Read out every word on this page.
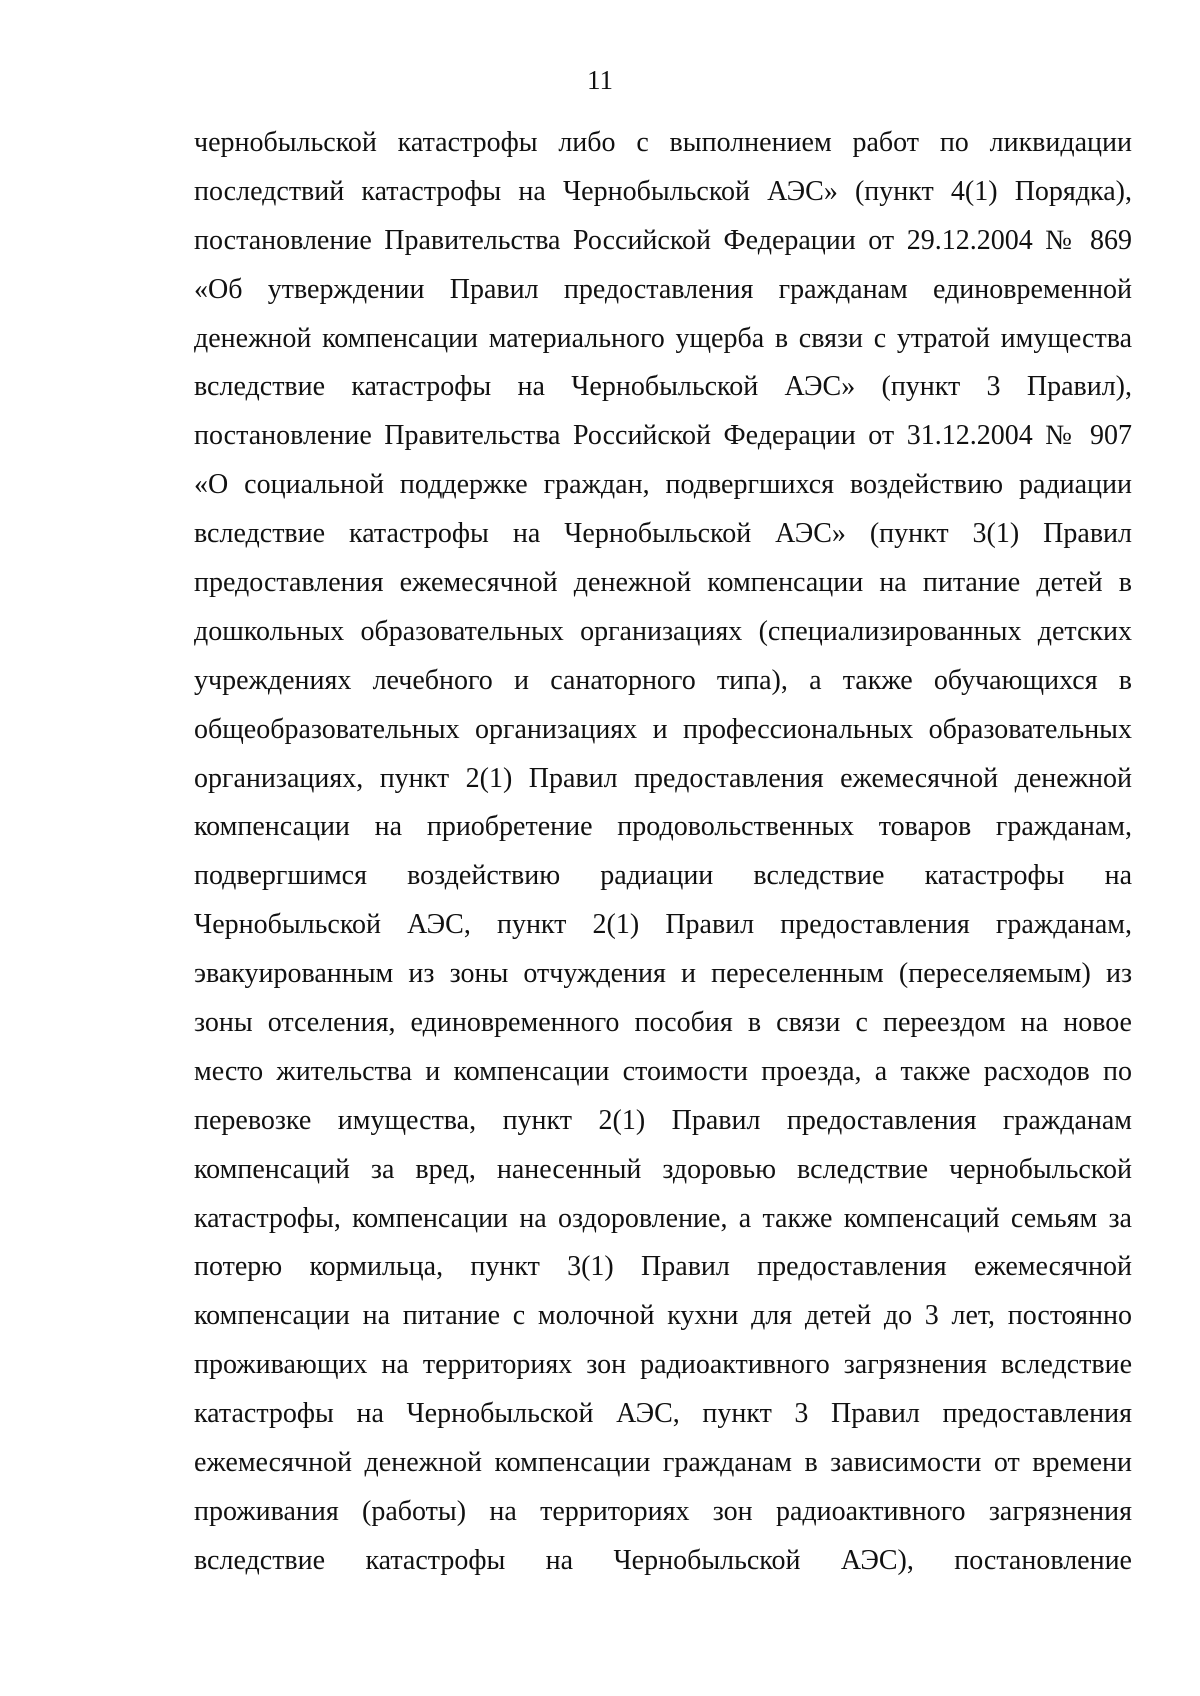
11
чернобыльской катастрофы либо с выполнением работ по ликвидации
последствий катастрофы на Чернобыльской АЭС» (пункт 4(1) Порядка),
постановление Правительства Российской Федерации от 29.12.2004 № 869
«Об утверждении Правил предоставления гражданам единовременной
денежной компенсации материального ущерба в связи с утратой имущества
вследствие катастрофы на Чернобыльской АЭС» (пункт 3 Правил),
постановление Правительства Российской Федерации от 31.12.2004 № 907
«О социальной поддержке граждан, подвергшихся воздействию радиации
вследствие катастрофы на Чернобыльской АЭС» (пункт 3(1) Правил
предоставления ежемесячной денежной компенсации на питание детей в
дошкольных образовательных организациях (специализированных детских
учреждениях лечебного и санаторного типа), а также обучающихся в
общеобразовательных организациях и профессиональных образовательных
организациях, пункт 2(1) Правил предоставления ежемесячной денежной
компенсации на приобретение продовольственных товаров гражданам,
подвергшимся воздействию радиации вследствие катастрофы на
Чернобыльской АЭС, пункт 2(1) Правил предоставления гражданам,
эвакуированным из зоны отчуждения и переселенным (переселяемым) из
зоны отселения, единовременного пособия в связи с переездом на новое
место жительства и компенсации стоимости проезда, а также расходов по
перевозке имущества, пункт 2(1) Правил предоставления гражданам
компенсаций за вред, нанесенный здоровью вследствие чернобыльской
катастрофы, компенсации на оздоровление, а также компенсаций семьям за
потерю кормильца, пункт 3(1) Правил предоставления ежемесячной
компенсации на питание с молочной кухни для детей до 3 лет, постоянно
проживающих на территориях зон радиоактивного загрязнения вследствие
катастрофы на Чернобыльской АЭС, пункт 3 Правил предоставления
ежемесячной денежной компенсации гражданам в зависимости от времени
проживания (работы) на территориях зон радиоактивного загрязнения
вследствие катастрофы на Чернобыльской АЭС), постановление
